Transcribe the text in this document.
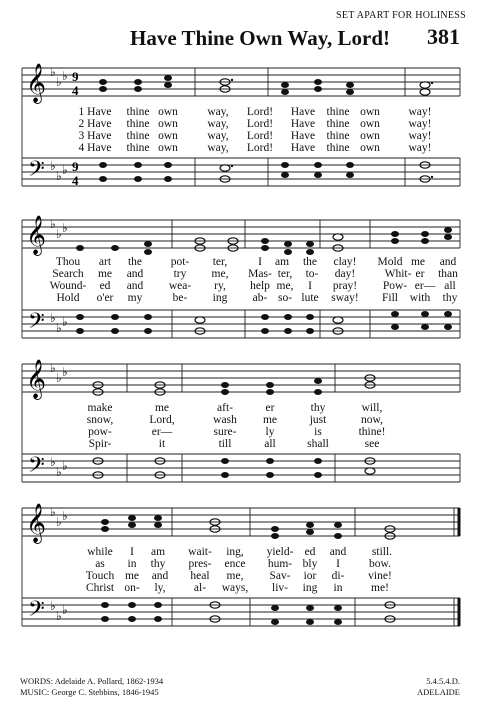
SET APART FOR HOLINESS
Have Thine Own Way, Lord! 381
𝄞
𝄢
♭
♭ ♭
♭
♭ ♭
9
4
9
4
1 Have thine own	way, Lord! Have thine own way!
2 Have thine own	way, Lord! Have thine own way!
3 Have thine own	way, Lord! Have thine own way!
4 Have thine own	way, Lord! Have thine own way!
𝄞
𝄢
♭
♭ ♭
♭
♭ ♭
Thou art the pot- ter,	I am the clay! Mold me and
Search me and	try me, Mas- ter, to- day!	Whit- er than
Wound- ed and wea- ry, help me, I pray! Pow- er— all
Hold o'er my	be- ing ab- so- lute sway! Fill with thy
𝄞
𝄢
♭
♭ ♭
♭
♭ ♭
make	me	aft-	er	thy	will,
snow,	Lord,	wash me	just	now,
pow-	er—	sure-	ly	is	thine!
Spir-	it	till	all	shall	see
𝄞
𝄢
♭
♭ ♭
♭
♭ ♭
while I am wait- ing, yield- ed and still.
as in thy pres- ence hum- bly I	bow.
Touch me and heal me, Sav- ior di- vine!
Christ on- ly, al- ways, liv- ing in me!
WORDS: Adelaide A. Pollard, 1862-1934
MUSIC: George C. Stebbins, 1846-1945
5.4.5.4.D.
ADELAIDE
